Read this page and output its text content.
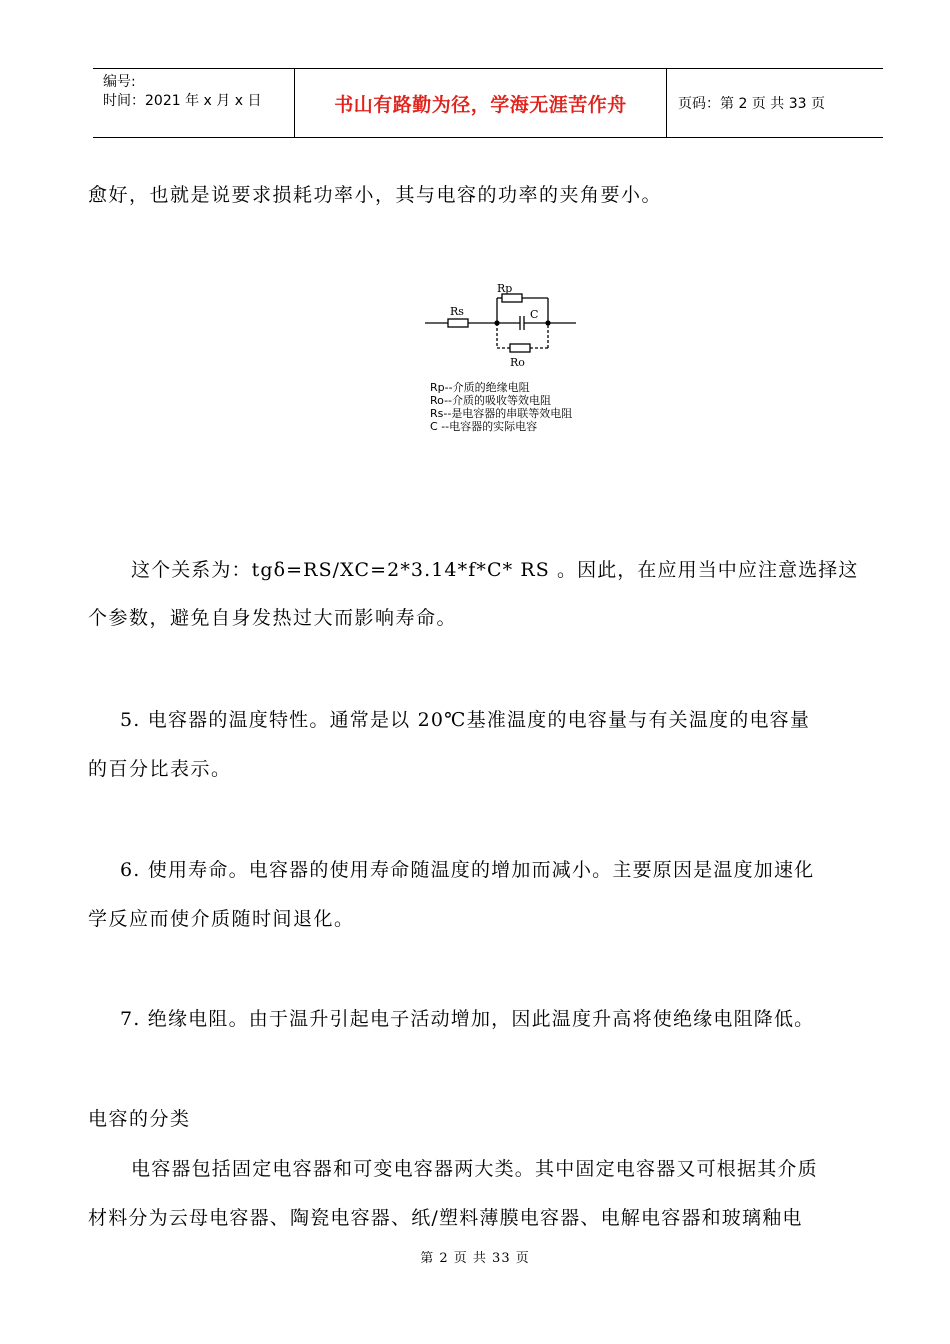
编号:
时间：2021 年 x 月 x 日	书山有路勤为径，学海无涯苦作舟	页码：第 2 页 共 33 页
愈好，也就是说要求损耗功率小，其与电容的功率的夹角要小。
Rp
Rs	C
Ro
Rp--介质的绝缘电阻
Ro--介质的吸收等效电阻
Rs--是电容器的串联等效电阻
C --电容器的实际电容
这个关系为：tgδ=RS/XC=2*3.14*f*C* RS 。因此，在应用当中应注意选择这
个参数，避免自身发热过大而影响寿命。
5. 电容器的温度特性。通常是以 20℃基准温度的电容量与有关温度的电容量
的百分比表示。
6. 使用寿命。电容器的使用寿命随温度的增加而减小。主要原因是温度加速化
学反应而使介质随时间退化。
7. 绝缘电阻。由于温升引起电子活动增加，因此温度升高将使绝缘电阻降低。
电容的分类
电容器包括固定电容器和可变电容器两大类。其中固定电容器又可根据其介质
材料分为云母电容器、陶瓷电容器、纸/塑料薄膜电容器、电解电容器和玻璃釉电
第 2 页 共 33 页
